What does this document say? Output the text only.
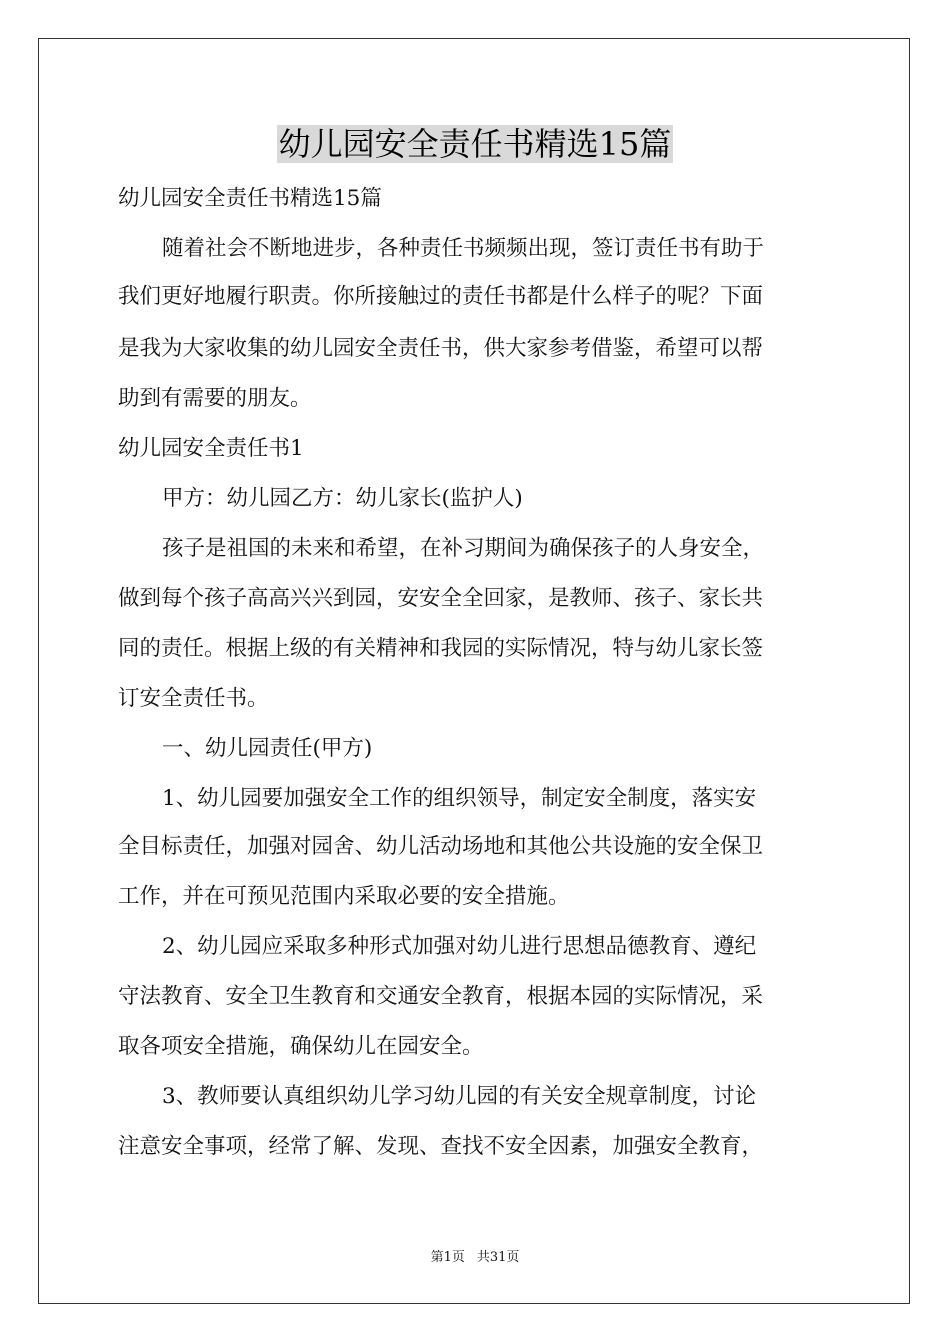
幼儿园安全责任书精选15篇
幼儿园安全责任书精选15篇
随着社会不断地进步，各种责任书频频出现，签订责任书有助于
我们更好地履行职责。你所接触过的责任书都是什么样子的呢？下面
是我为大家收集的幼儿园安全责任书，供大家参考借鉴，希望可以帮
助到有需要的朋友。
幼儿园安全责任书1
甲方：幼儿园乙方：幼儿家长(监护人)
孩子是祖国的未来和希望，在补习期间为确保孩子的人身安全，
做到每个孩子高高兴兴到园，安安全全回家，是教师、孩子、家长共
同的责任。根据上级的有关精神和我园的实际情况，特与幼儿家长签
订安全责任书。
一、幼儿园责任(甲方)
1、幼儿园要加强安全工作的组织领导，制定安全制度，落实安
全目标责任，加强对园舍、幼儿活动场地和其他公共设施的安全保卫
工作，并在可预见范围内采取必要的安全措施。
2、幼儿园应采取多种形式加强对幼儿进行思想品德教育、遵纪
守法教育、安全卫生教育和交通安全教育，根据本园的实际情况，采
取各项安全措施，确保幼儿在园安全。
3、教师要认真组织幼儿学习幼儿园的有关安全规章制度，讨论
注意安全事项，经常了解、发现、查找不安全因素，加强安全教育，
第1页 共31页
